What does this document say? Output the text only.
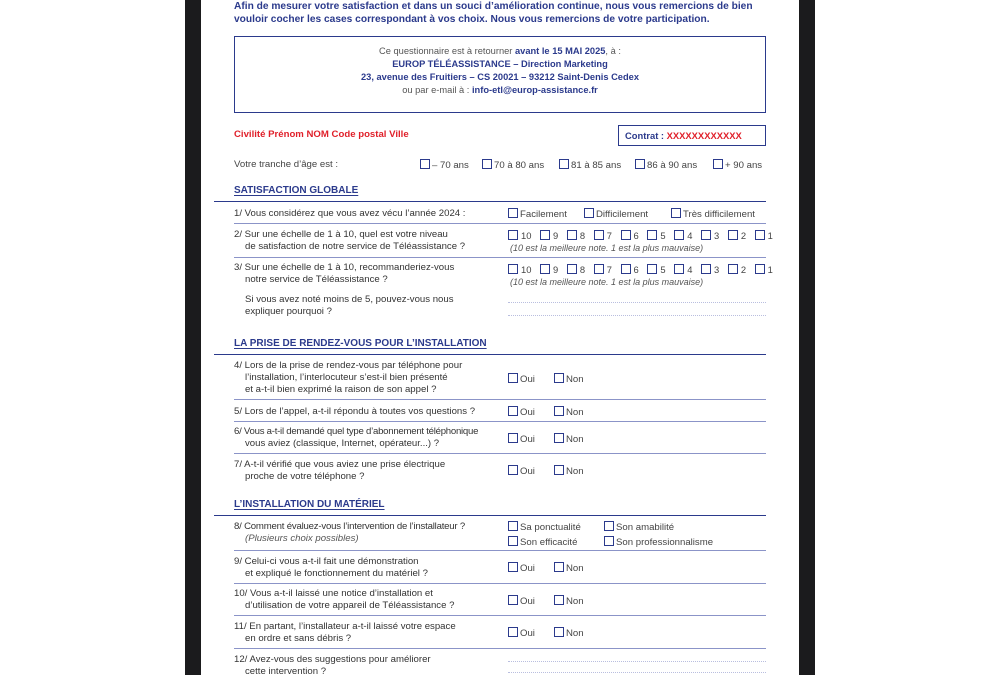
Afin de mesurer votre satisfaction et dans un souci d’amélioration continue, nous vous remercions de bien
vouloir cocher les cases correspondant à vos choix. Nous vous remercions de votre participation.
Ce questionnaire est à retourner avant le 15 MAI 2025, à :
EUROP TÉLÉASSISTANCE – Direction Marketing
23, avenue des Fruitiers – CS 20021 – 93212 Saint-Denis Cedex
ou par e-mail à : info-etl@europ-assistance.fr
Civilité Prénom NOM Code postal Ville	Contrat : XXXXXXXXXXXX
Votre tranche d’âge est :	– 70 ans	70 à 80 ans	81 à 85 ans	86 à 90 ans	+ 90 ans
SATISFACTION GLOBALE
1/ Vous considérez que vous avez vécu l’année 2024 :	Facilement	Difficilement	Très difficilement
2/ Sur une échelle de 1 à 10, quel est votre niveau
de satisfaction de notre service de Téléassistance ?
10 9 8 7 6 5 4 3 2 1
(10 est la meilleure note. 1 est la plus mauvaise)
3/ Sur une échelle de 1 à 10, recommanderiez-vous
notre service de Téléassistance ?
10 9 8 7 6 5 4 3 2 1
(10 est la meilleure note. 1 est la plus mauvaise)
Si vous avez noté moins de 5, pouvez-vous nous
expliquer pourquoi ?
LA PRISE DE RENDEZ-VOUS POUR L’INSTALLATION
4/ Lors de la prise de rendez-vous par téléphone pour
l’installation, l’interlocuteur s’est-il bien présenté
et a-t-il bien exprimé la raison de son appel ?
Oui	Non
5/ Lors de l’appel, a-t-il répondu à toutes vos questions ?	Oui	Non
6/ Vous a-t-il demandé quel type d’abonnement téléphonique
vous aviez (classique, Internet, opérateur...) ?	Oui	Non
7/ A-t-il vérifié que vous aviez une prise électrique
proche de votre téléphone ?	Oui	Non
L’INSTALLATION DU MATÉRIEL
8/ Comment évaluez-vous l’intervention de l’installateur ?
(Plusieurs choix possibles)
Sa ponctualité	Son amabilité
Son efficacité	Son professionnalisme
9/ Celui-ci vous a-t-il fait une démonstration
et expliqué le fonctionnement du matériel ?	Oui	Non
10/ Vous a-t-il laissé une notice d’installation et
d’utilisation de votre appareil de Téléassistance ?	Oui	Non
11/ En partant, l’installateur a-t-il laissé votre espace
en ordre et sans débris ?	Oui	Non
12/ Avez-vous des suggestions pour améliorer
cette intervention ?
